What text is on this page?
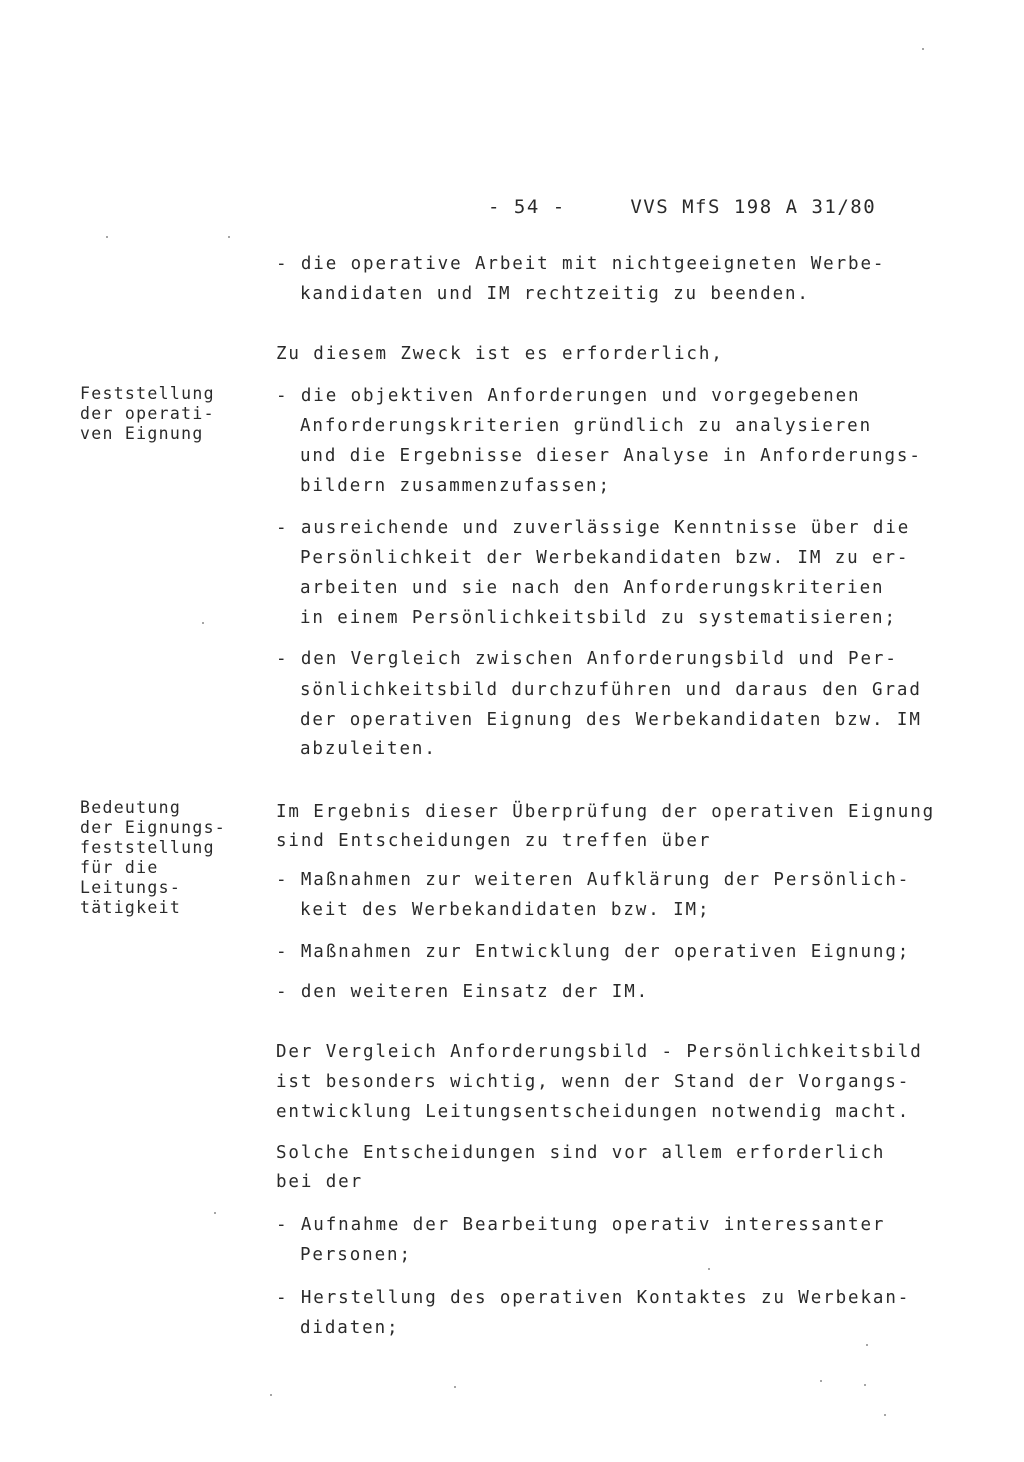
- 54 -	VVS MfS 198 A 31/80
Feststellung
der operati-
ven Eignung
Bedeutung
der Eignungs-
feststellung
für die
Leitungs-
tätigkeit
- die operative Arbeit mit nichtgeeigneten Werbe-
kandidaten und IM rechtzeitig zu beenden.
Zu diesem Zweck ist es erforderlich,
- die objektiven Anforderungen und vorgegebenen
Anforderungskriterien gründlich zu analysieren
und die Ergebnisse dieser Analyse in Anforderungs-
bildern zusammenzufassen;
- ausreichende und zuverlässige Kenntnisse über die
Persönlichkeit der Werbekandidaten bzw. IM zu er-
arbeiten und sie nach den Anforderungskriterien
in einem Persönlichkeitsbild zu systematisieren;
- den Vergleich zwischen Anforderungsbild und Per-
sönlichkeitsbild durchzuführen und daraus den Grad
der operativen Eignung des Werbekandidaten bzw. IM
abzuleiten.
Im Ergebnis dieser Überprüfung der operativen Eignung
sind Entscheidungen zu treffen über
- Maßnahmen zur weiteren Aufklärung der Persönlich-
keit des Werbekandidaten bzw. IM;
- Maßnahmen zur Entwicklung der operativen Eignung;
- den weiteren Einsatz der IM.
Der Vergleich Anforderungsbild - Persönlichkeitsbild
ist besonders wichtig, wenn der Stand der Vorgangs-
entwicklung Leitungsentscheidungen notwendig macht.
Solche Entscheidungen sind vor allem erforderlich
bei der
- Aufnahme der Bearbeitung operativ interessanter
Personen;
- Herstellung des operativen Kontaktes zu Werbekan-
didaten;
